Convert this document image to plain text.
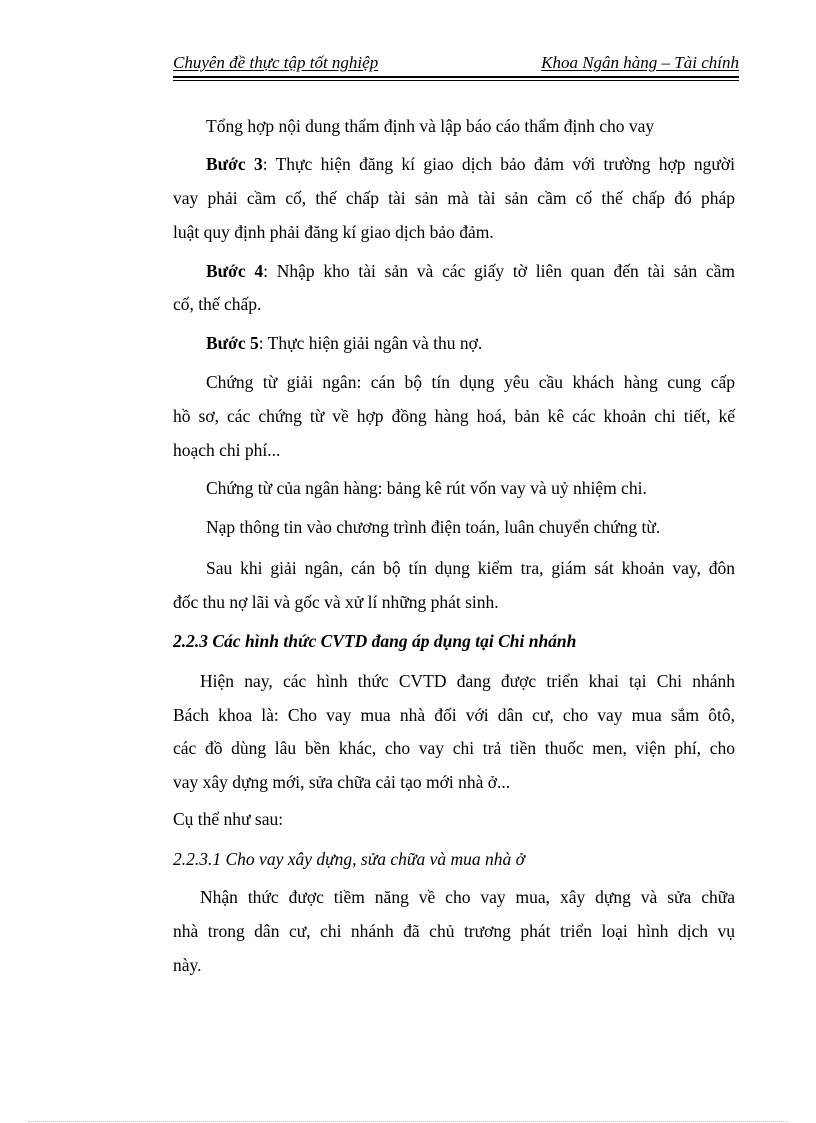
Chuyên đề thực tập tốt nghiệp	Khoa Ngân hàng – Tài chính
Tổng hợp nội dung thẩm định và lập báo cáo thẩm định cho vay
Bước 3: Thực hiện đăng kí giao dịch bảo đảm với trường hợp người
vay phải cầm cố, thế chấp tài sản mà tài sản cầm cố thế chấp đó pháp
luật quy định phải đăng kí giao dịch bảo đảm.
Bước 4: Nhập kho tài sản và các giấy tờ liên quan đến tài sản cầm
cố, thế chấp.
Bước 5: Thực hiện giải ngân và thu nợ.
Chứng từ giải ngân: cán bộ tín dụng yêu cầu khách hàng cung cấp
hồ sơ, các chứng từ về hợp đồng hàng hoá, bản kê các khoản chi tiết, kế
hoạch chi phí...
Chứng từ của ngân hàng: bảng kê rút vốn vay và uỷ nhiệm chi.
Nạp thông tin vào chương trình điện toán, luân chuyển chứng từ.
Sau khi giải ngân, cán bộ tín dụng kiểm tra, giám sát khoản vay, đôn
đốc thu nợ lãi và gốc và xử lí những phát sinh.
2.2.3 Các hình thức CVTD đang áp dụng tại Chi nhánh
Hiện nay, các hình thức CVTD đang được triển khai tại Chi nhánh
Bách khoa là: Cho vay mua nhà đối với dân cư, cho vay mua sắm ôtô,
các đồ dùng lâu bền khác, cho vay chi trả tiền thuốc men, viện phí, cho
vay xây dựng mới, sửa chữa cải tạo mới nhà ở...
Cụ thể như sau:
2.2.3.1 Cho vay xây dựng, sửa chữa và mua nhà ở
Nhận thức được tiềm năng về cho vay mua, xây dựng và sửa chữa
nhà trong dân cư, chi nhánh đã chủ trương phát triển loại hình dịch vụ
này.
